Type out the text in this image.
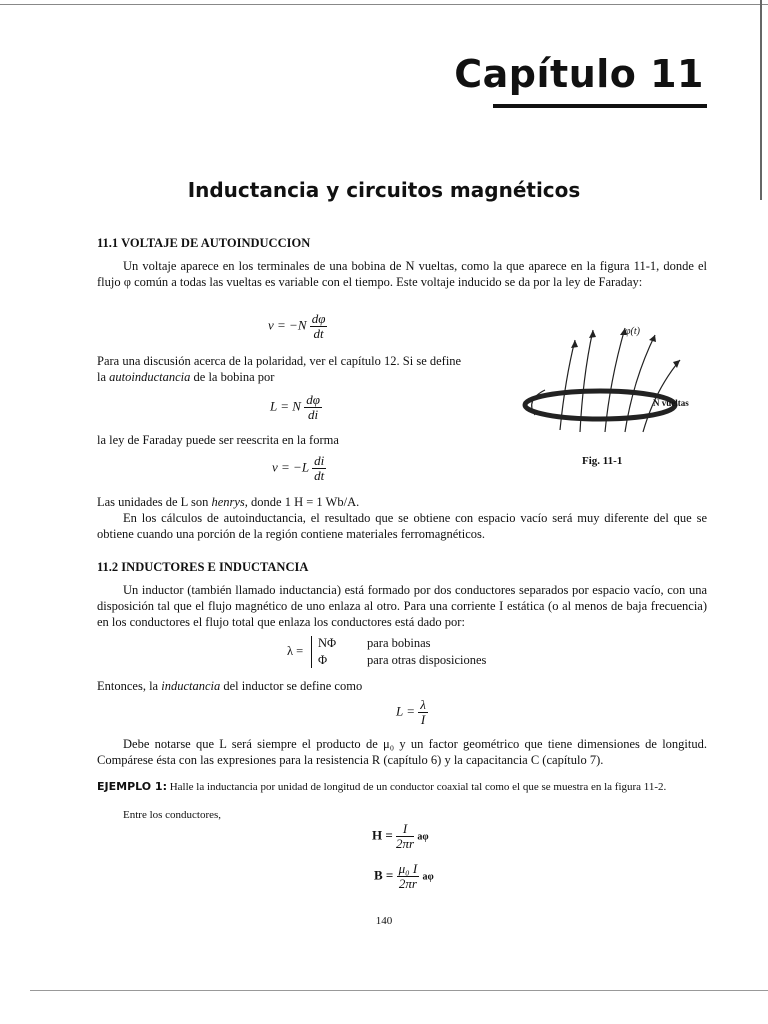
Capítulo 11
Inductancia y circuitos magnéticos
11.1 VOLTAJE DE AUTOINDUCCION
Un voltaje aparece en los terminales de una bobina de N vueltas, como la que aparece en la figura 11-1, donde el flujo φ común a todas las vueltas es variable con el tiempo. Este voltaje inducido se da por la ley de Faraday:
$v = -N \frac{d\varphi}{dt}$
Para una discusión acerca de la polaridad, ver el capítulo 12. Si se define
la autoinductancia de la bobina por
L = N $\frac{d\varphi}{di}$
la ley de Faraday puede ser reescrita en la forma
$v = -L \frac{di}{dt}$
Las unidades de L son henrys, donde 1 H = 1 Wb/A.
En los cálculos de autoinductancia, el resultado que se obtiene con espacio vacío será muy diferente del que se obtiene cuando una porción de la región contiene materiales ferromagnéticos.
φ(t)
N vueltas
Fig. 11-1
11.2 INDUCTORES E INDUCTANCIA
Un inductor (también llamado inductancia) está formado por dos conductores separados por espacio vacío, con una disposición tal que el flujo magnético de uno enlaza al otro. Para una corriente I estática (o al menos de baja frecuencia) en los conductores el flujo total que enlaza los conductores está dado por:
λ =
NΦ para bobinas
Φ	para otras disposiciones
Entonces, la inductancia del inductor se define como
$L = \frac{\lambda}{I}$
Debe notarse que L será siempre el producto de μ₀ y un factor geométrico que tiene dimensiones de longitud. Compárese ésta con las expresiones para la resistencia R (capítulo 6) y la capacitancia C (capítulo 7).
EJEMPLO 1: Halle la inductancia por unidad de longitud de un conductor coaxial tal como el que se muestra en la figura 11-2.
Entre los conductores,
$H = \frac{I}{2\pi r}$ aφ
$B = \frac{\text{μ₀ I}}{2\pi r}$ aφ
140
